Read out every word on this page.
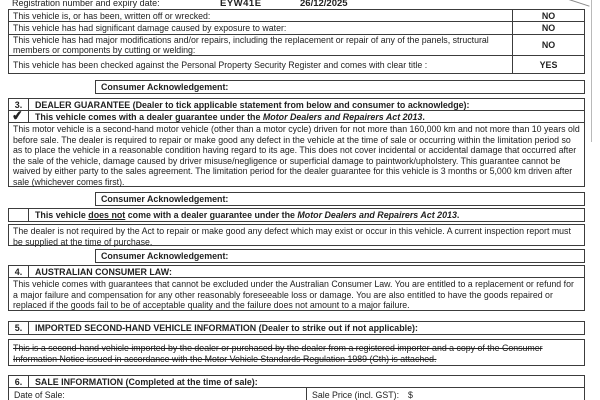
Registration number and expiry date:	EYW41E	26/12/2025
This vehicle is, or has been, written off or wrecked:	NO
This vehicle has had significant damage caused by exposure to water:	NO
This vehicle has had major modifications and/or repairs, including the replacement or repair of any of the panels, structural members or components by cutting or welding:	NO
This vehicle has been checked against the Personal Property Security Register and comes with clear title :	YES
Consumer Acknowledgement:
3.	DEALER GUARANTEE (Dealer to tick applicable statement from below and consumer to acknowledge):
✔ This vehicle comes with a dealer guarantee under the Motor Dealers and Repairers Act 2013 .
This motor vehicle is a second-hand motor vehicle (other than a motor cycle) driven for not more than 160,000 km and not more than 10 years old before sale. The dealer is required to repair or make good any defect in the vehicle at the time of sale or occurring within the limitation period so as to place the vehicle in a reasonable condition having regard to its age. This does not cover incidental or accidental damage that occurred after the sale of the vehicle, damage caused by driver misuse/negligence or superficial damage to paintwork/upholstery. This guarantee cannot be waived by either party to the sales agreement. The limitation period for the dealer guarantee for this vehicle is 3 months or 5,000 km driven after sale (whichever comes first).
Consumer Acknowledgement:
This vehicle does not come with a dealer guarantee under the Motor Dealers and Repairers Act 2013 .
The dealer is not required by the Act to repair or make good any defect which may exist or occur in this vehicle. A current inspection report must be supplied at the time of purchase.
Consumer Acknowledgement:
4.	AUSTRALIAN CONSUMER LAW:
This vehicle comes with guarantees that cannot be excluded under the Australian Consumer Law. You are entitled to a replacement or refund for a major failure and compensation for any other reasonably foreseeable loss or damage. You are also entitled to have the goods repaired or replaced if the goods fail to be of acceptable quality and the failure does not amount to a major failure.
5.	IMPORTED SECOND-HAND VEHICLE INFORMATION (Dealer to strike out if not applicable):
This is a second-hand vehicle imported by the dealer or purchased by the dealer from a registered importer and a copy of the Consumer Information Notice issued in accordance with the Motor Vehicle Standards Regulation 1989 (Cth) is attached.
6.	SALE INFORMATION (Completed at the time of sale):
Date of Sale:	Sale Price (incl. GST): $
